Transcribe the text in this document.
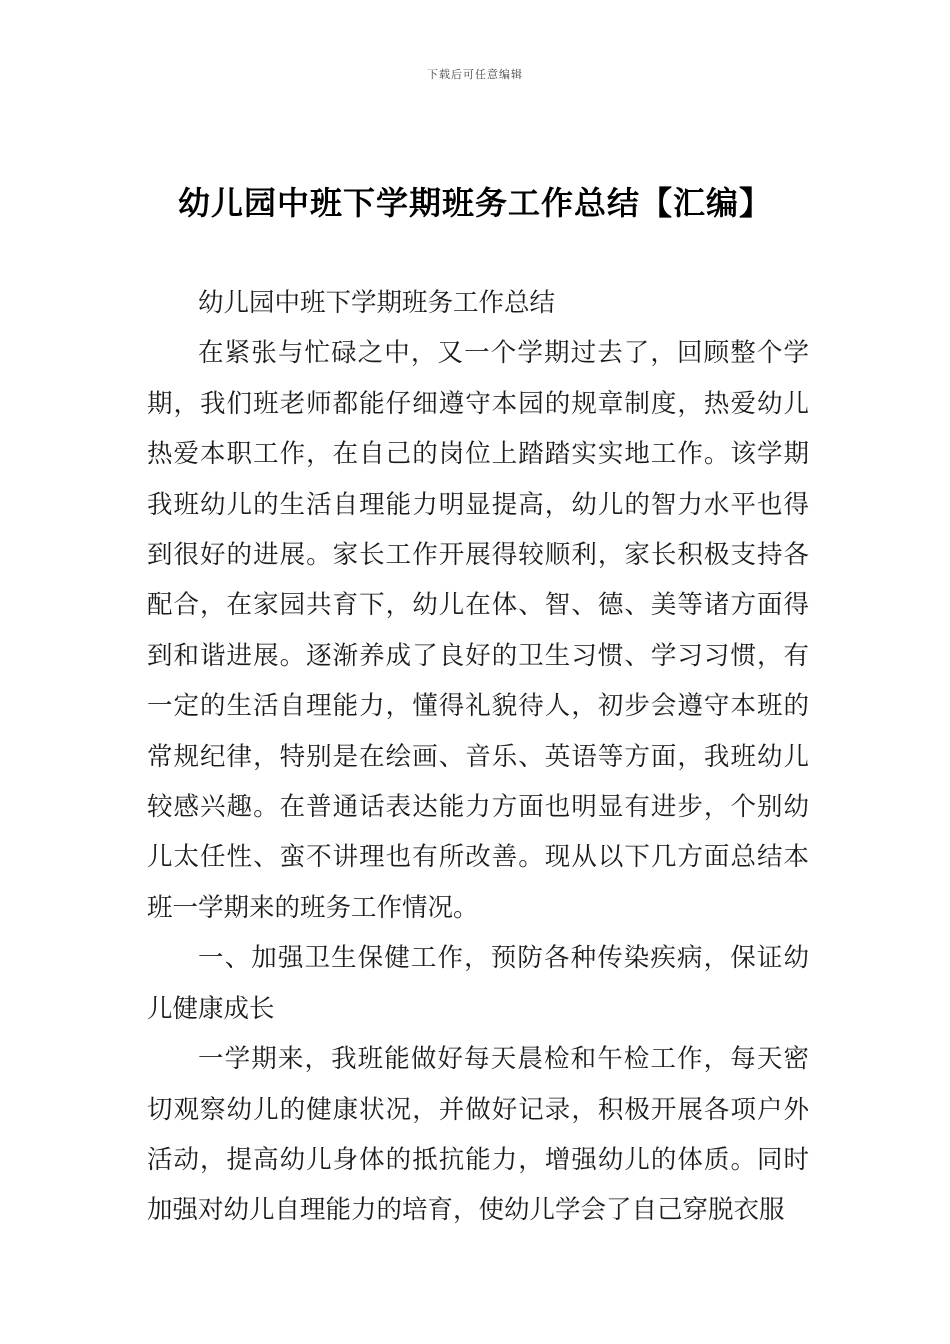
下载后可任意编辑
幼儿园中班下学期班务工作总结【汇编】

幼儿园中班下学期班务工作总结

在紧张与忙碌之中，又一个学期过去了，回顾整个学期，我们班老师都能仔细遵守本园的规章制度，热爱幼儿热爱本职工作，在自己的岗位上踏踏实实地工作。该学期我班幼儿的生活自理能力明显提高，幼儿的智力水平也得到很好的进展。家长工作开展得较顺利，家长积极支持各配合，在家园共育下，幼儿在体、智、德、美等诸方面得到和谐进展。逐渐养成了良好的卫生习惯、学习习惯，有一定的生活自理能力，懂得礼貌待人，初步会遵守本班的常规纪律，特别是在绘画、音乐、英语等方面，我班幼儿较感兴趣。在普通话表达能力方面也明显有进步，个别幼儿太任性、蛮不讲理也有所改善。现从以下几方面总结本班一学期来的班务工作情况。

一、加强卫生保健工作，预防各种传染疾病，保证幼儿健康成长

一学期来，我班能做好每天晨检和午检工作，每天密切观察幼儿的健康状况，并做好记录，积极开展各项户外活动，提高幼儿身体的抵抗能力，增强幼儿的体质。同时加强对幼儿自理能力的培育，使幼儿学会了自己穿脱衣服
